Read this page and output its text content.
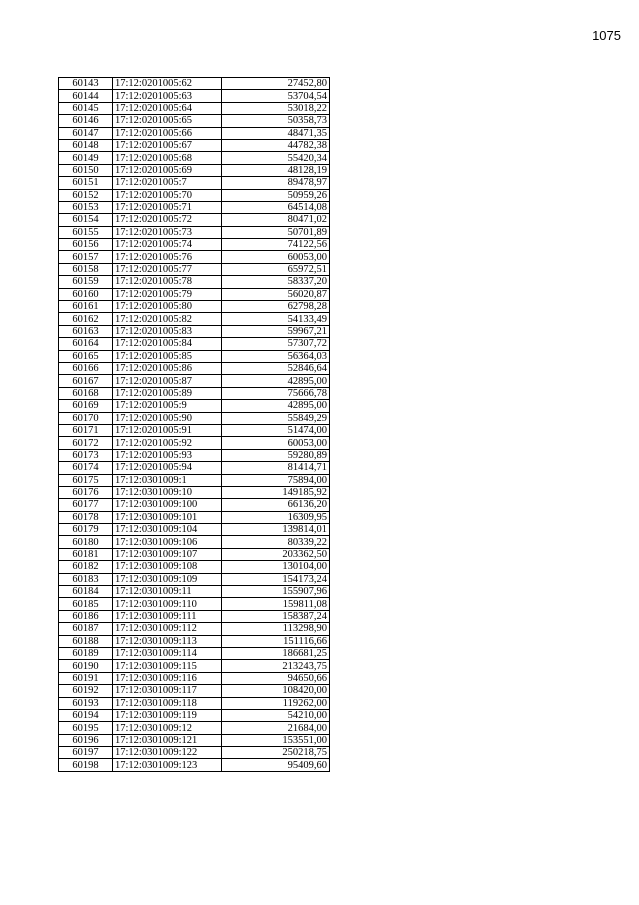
1075
60143	17:12:0201005:62	27452,80
60144	17:12:0201005:63	53704,54
60145	17:12:0201005:64	53018,22
60146	17:12:0201005:65	50358,73
60147	17:12:0201005:66	48471,35
60148	17:12:0201005:67	44782,38
60149	17:12:0201005:68	55420,34
60150	17:12:0201005:69	48128,19
60151	17:12:0201005:7	89478,97
60152	17:12:0201005:70	50959,26
60153	17:12:0201005:71	64514,08
60154	17:12:0201005:72	80471,02
60155	17:12:0201005:73	50701,89
60156	17:12:0201005:74	74122,56
60157	17:12:0201005:76	60053,00
60158	17:12:0201005:77	65972,51
60159	17:12:0201005:78	58337,20
60160	17:12:0201005:79	56020,87
60161	17:12:0201005:80	62798,28
60162	17:12:0201005:82	54133,49
60163	17:12:0201005:83	59967,21
60164	17:12:0201005:84	57307,72
60165	17:12:0201005:85	56364,03
60166	17:12:0201005:86	52846,64
60167	17:12:0201005:87	42895,00
60168	17:12:0201005:89	75666,78
60169	17:12:0201005:9	42895,00
60170	17:12:0201005:90	55849,29
60171	17:12:0201005:91	51474,00
60172	17:12:0201005:92	60053,00
60173	17:12:0201005:93	59280,89
60174	17:12:0201005:94	81414,71
60175	17:12:0301009:1	75894,00
60176	17:12:0301009:10	149185,92
60177	17:12:0301009:100	66136,20
60178	17:12:0301009:101	16309,95
60179	17:12:0301009:104	139814,01
60180	17:12:0301009:106	80339,22
60181	17:12:0301009:107	203362,50
60182	17:12:0301009:108	130104,00
60183	17:12:0301009:109	154173,24
60184	17:12:0301009:11	155907,96
60185	17:12:0301009:110	159811,08
60186	17:12:0301009:111	158387,24
60187	17:12:0301009:112	113298,90
60188	17:12:0301009:113	151116,66
60189	17:12:0301009:114	186681,25
60190	17:12:0301009:115	213243,75
60191	17:12:0301009:116	94650,66
60192	17:12:0301009:117	108420,00
60193	17:12:0301009:118	119262,00
60194	17:12:0301009:119	54210,00
60195	17:12:0301009:12	21684,00
60196	17:12:0301009:121	153551,00
60197	17:12:0301009:122	250218,75
60198	17:12:0301009:123	95409,60
